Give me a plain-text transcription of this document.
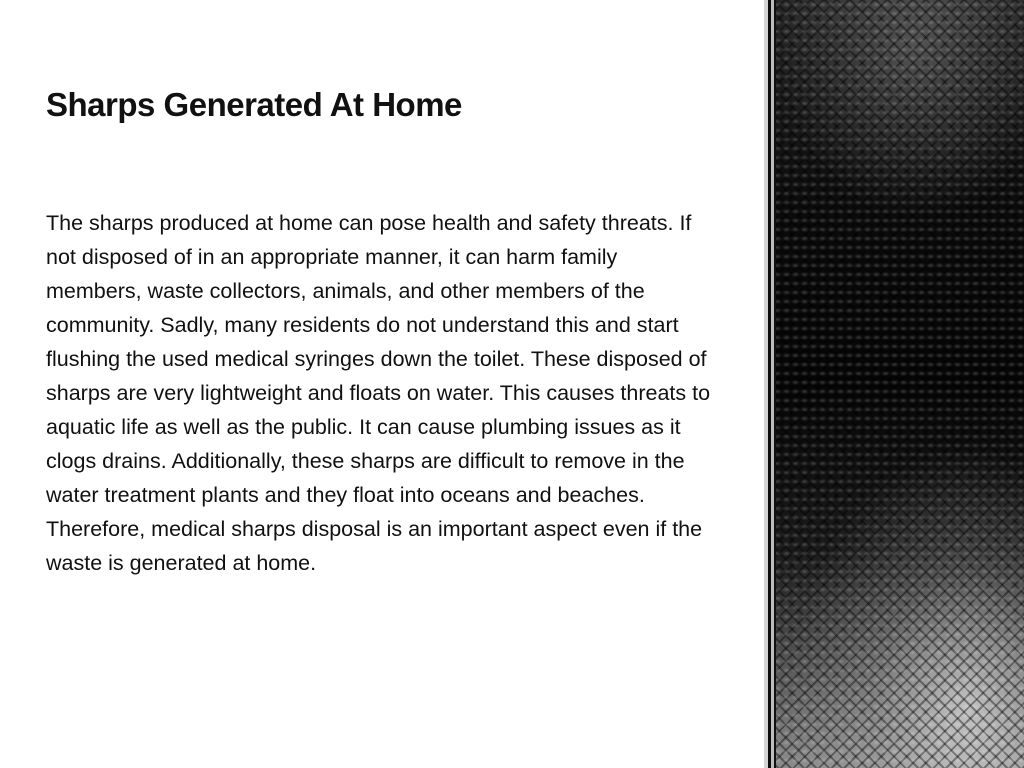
Sharps Generated At Home

The sharps produced at home can pose health and safety threats. If not disposed of in an appropriate manner, it can harm family members, waste collectors, animals, and other members of the community. Sadly, many residents do not understand this and start flushing the used medical syringes down the toilet. These disposed of sharps are very lightweight and floats on water. This causes threats to aquatic life as well as the public. It can cause plumbing issues as it clogs drains. Additionally, these sharps are difficult to remove in the water treatment plants and they float into oceans and beaches. Therefore, medical sharps disposal is an important aspect even if the waste is generated at home.
